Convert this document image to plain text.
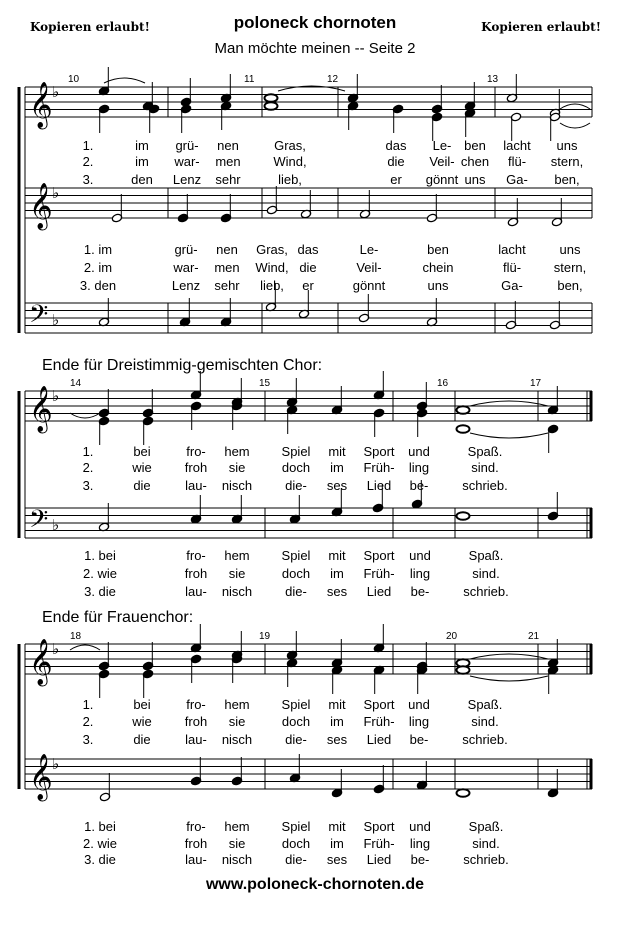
Kopieren erlaubt!	poloneck chornoten	Kopieren erlaubt!
Man möchte meinen -- Seite 2
Ende für Dreistimmig-gemischten Chor:
Ende für Frauenchor:
www.poloneck-chornoten.de
𝄞 ♭
𝄞 ♭
𝄢 ♭
10	11	12	13
1.	im grü- nen	Gras,	das Le- ben lacht uns
2.	im war- men	Wind,	die Veil- chen flü- stern,
3.	den Lenz sehr	lieb,	er gönnt uns Ga- ben,
1. im	grü- nen Gras, das	Le-	ben	lacht	uns
2. im	war- men Wind, die	Veil-	chein	flü-	stern,
3. den	Lenz sehr lieb, er	gönnt	uns	Ga-	ben,
𝄞 ♭
𝄢 ♭
14	15	16	17
1.	bei	fro- hem Spiel mit Sport und	Spaß.
2.	wie	froh sie	doch im Früh- ling	sind.
3.	die	lau- nisch	die- ses Lied be-	schrieb.
1. bei	fro- hem Spiel mit Sport und	Spaß.
2. wie	froh sie	doch im Früh- ling	sind.
3. die	lau- nisch	die- ses Lied be-	schrieb.
𝄞 ♭
𝄞 ♭
18	19	20	21
1.	bei	fro- hem Spiel mit Sport und	Spaß.
2.	wie	froh sie	doch im Früh- ling	sind.
3.	die	lau- nisch	die- ses Lied be-	schrieb.
1. bei	fro- hem Spiel mit Sport und	Spaß.
2. wie	froh sie	doch im Früh- ling	sind.
3. die	lau- nisch	die- ses Lied be-	schrieb.
